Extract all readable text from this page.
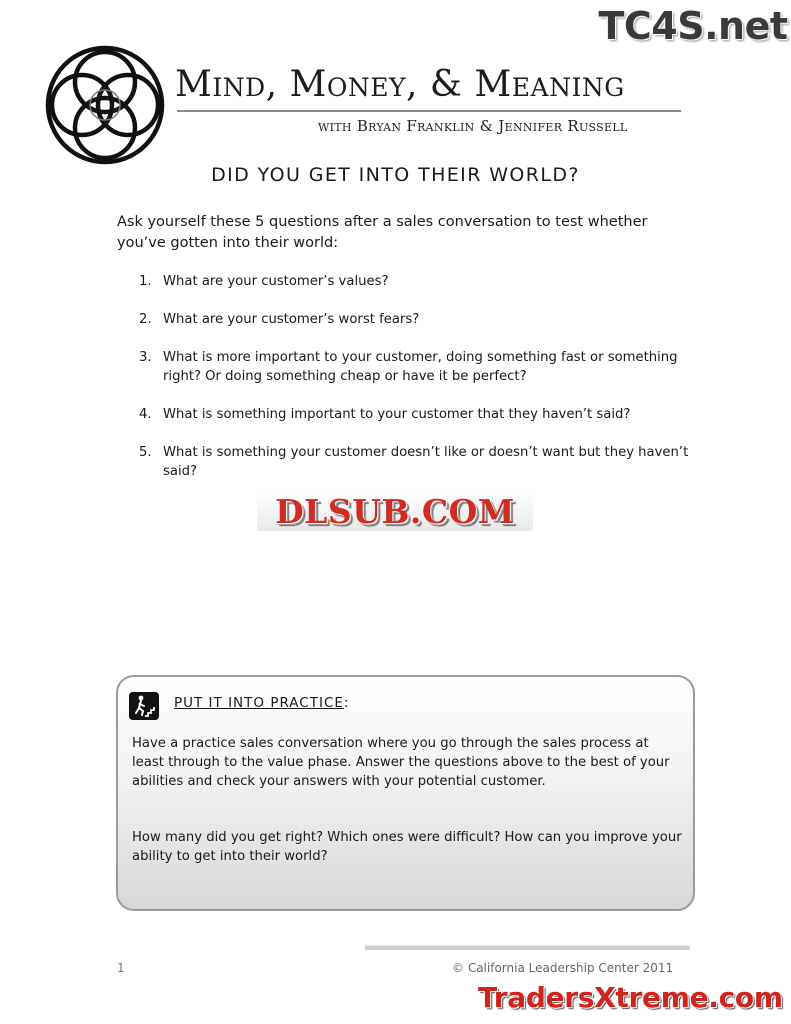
Mind, Money, & Meaning
with Bryan Franklin & Jennifer Russell
TC4S.net
DID YOU GET INTO THEIR WORLD?
Ask yourself these 5 questions after a sales conversation to test whether you’ve gotten into their world:
1. What are your customer’s values?
2. What are your customer’s worst fears?
3. What is more important to your customer, doing something fast or something right? Or doing something cheap or have it be perfect?
4. What is something important to your customer that they haven’t said?
5. What is something your customer doesn’t like or doesn’t want but they haven’t said?
DLSUB.COM
PUT IT INTO PRACTICE:
Have a practice sales conversation where you go through the sales process at least through to the value phase. Answer the questions above to the best of your abilities and check your answers with your potential customer.
How many did you get right? Which ones were difficult? How can you improve your ability to get into their world?
1	© California Leadership Center 2011
TradersXtreme.com
